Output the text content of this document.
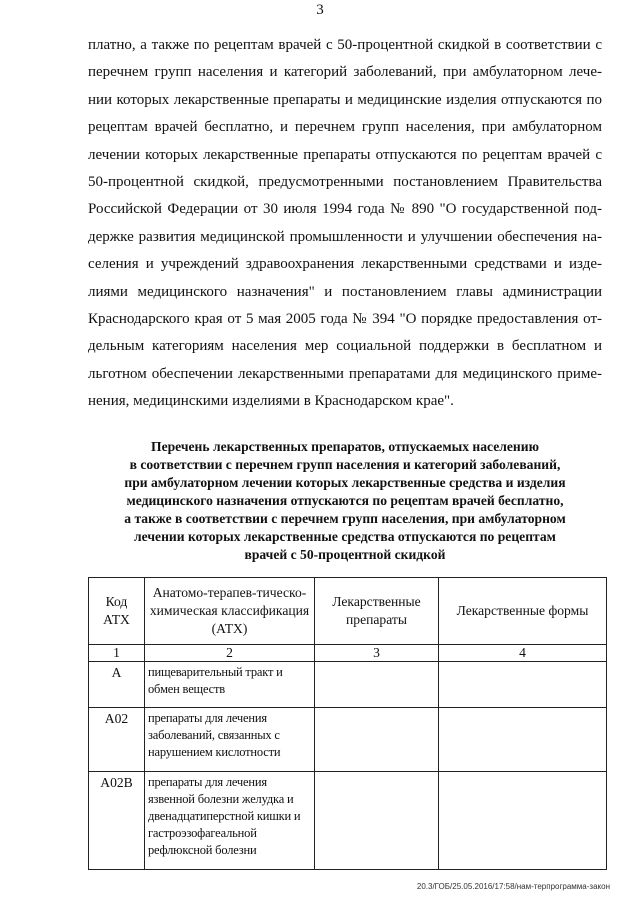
3
платно, а также по рецептам врачей с 50-процентной скидкой в соответствии с
перечнем групп населения и категорий заболеваний, при амбулаторном лече-
нии которых лекарственные препараты и медицинские изделия отпускаются по
рецептам врачей бесплатно, и перечнем групп населения, при амбулаторном
лечении которых лекарственные препараты отпускаются по рецептам врачей с
50-процентной скидкой, предусмотренными постановлением Правительства
Российской Федерации от 30 июля 1994 года № 890 "О государственной под-
держке развития медицинской промышленности и улучшении обеспечения на-
селения и учреждений здравоохранения лекарственными средствами и изде-
лиями медицинского назначения" и постановлением главы администрации
Краснодарского края от 5 мая 2005 года № 394 "О порядке предоставления от-
дельным категориям населения мер социальной поддержки в бесплатном и
льготном обеспечении лекарственными препаратами для медицинского приме-
нения, медицинскими изделиями в Краснодарском крае".
Перечень лекарственных препаратов, отпускаемых населению
в соответствии с перечнем групп населения и категорий заболеваний,
при амбулаторном лечении которых лекарственные средства и изделия
медицинского назначения отпускаются по рецептам врачей бесплатно,
а также в соответствии с перечнем групп населения, при амбулаторном
лечении которых лекарственные средства отпускаются по рецептам
врачей с 50-процентной скидкой
Код АТХ	Анатомо-терапев-тическо-химическая классификация (АТХ)	Лекарственные препараты	Лекарственные формы
1	2	3	4
А	пищеварительный тракт и обмен веществ		
А02	препараты для лечения заболеваний, связанных с нарушением кислотности		
А02В	препараты для лечения язвенной болезни желудка и двенадцатиперстной кишки и гастроэзофагеальной рефлюксной болезни		
20.3/ГОБ/25.05.2016/17:58/нам-терпрограмма-закон
